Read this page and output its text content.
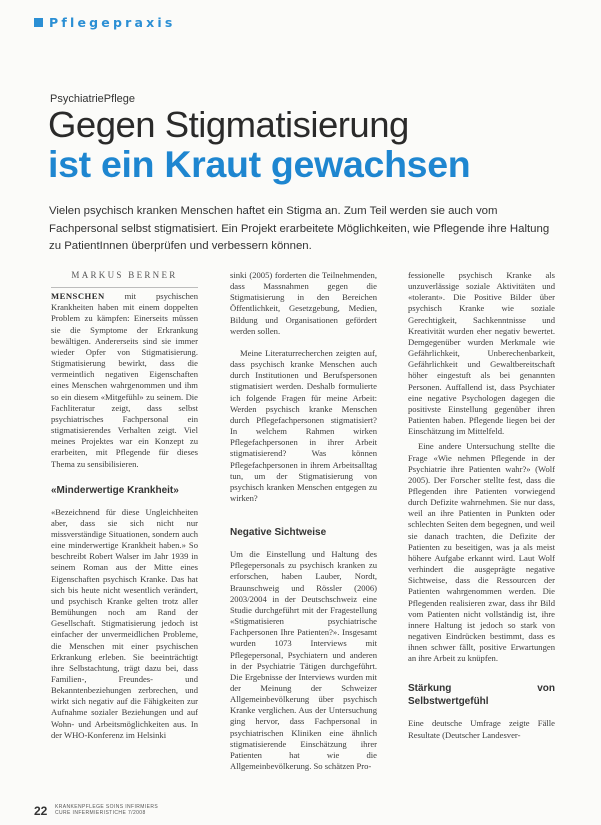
Pflegepraxis
PsychiatriePflege
Gegen Stigmatisierung
ist ein Kraut gewachsen
Vielen psychisch kranken Menschen haftet ein Stigma an. Zum Teil werden sie auch vom Fachpersonal selbst stigmatisiert. Ein Projekt erarbeitete Möglichkeiten, wie Pflegende ihre Haltung zu PatientInnen überprüfen und verbessern können.
MARKUS BERNER

MENSCHEN mit psychischen Krankheiten haben mit einem doppelten Problem zu kämpfen: Einerseits müssen sie die Symptome der Erkrankung bewältigen. Andererseits sind sie immer wieder Opfer von Stigmatisierung. Stigmatisierung bewirkt, dass die vermeintlich negativen Eigenschaften eines Menschen wahrgenommen und ihm so ein diesem «Mitgefühl» zu seinem. Die Fachliteratur zeigt, dass selbst psychiatrisches Fachpersonal ein stigmatisierendes Verhalten zeigt. Viel meines Projektes war ein Konzept zu erarbeiten, mit Pflegende für dieses Thema zu sensibilisieren.

«Minderwertige Krankheit»

«Bezeichnend für diese Ungleichheiten aber, dass sie sich nicht nur missverständige Situationen, sondern auch eine minderwertige Krankheit haben.» So beschreibt Robert Walser im Jahr 1939 in seinem Roman aus der Mitte eines Eigenschaften psychisch Kranke. Das hat sich bis heute nicht wesentlich verändert, und psychisch Kranke gelten trotz aller Bemühungen noch am Rand der Gesellschaft. Stigmatisierung jedoch ist einfacher der unvermeidlichen Probleme, die Menschen mit einer psychischen Erkrankung erleben. Sie beeinträchtigt ihre Selbstachtung, trägt dazu bei, dass Familien-, Freundes- und Bekanntenbeziehungen zerbrechen, und wirkt sich negativ auf die Fähigkeiten zur Aufnahme sozialer Beziehungen und auf Wohn- und Arbeitsmöglichkeiten aus. In der WHO-Konferenz im Helsinki

sinki (2005) forderten die Teilnehmenden, dass Massnahmen gegen die Stigmatisierung in den Bereichen Öffentlichkeit, Gesetzgebung, Medien, Bildung und Organisationen gefördert werden sollen.

Meine Literaturrecherchen zeigten auf, dass psychisch kranke Menschen auch durch Institutionen und Berufspersonen stigmatisiert werden. Deshalb formulierte ich folgende Fragen für meine Arbeit: Werden psychisch kranke Menschen durch Pflegefachpersonen stigmatisiert? In welchem Rahmen wirken Pflegefachpersonen in ihrer Arbeit stigmatisierend? Was können Pflegefachpersonen in ihrem Arbeitsalltag tun, um der Stigmatisierung von psychisch kranken Menschen entgegen zu wirken?

Negative Sichtweise

Um die Einstellung und Haltung des Pflegepersonals zu psychisch kranken zu erforschen, haben Lauber, Nordt, Braunschweig und Rössler (2006) 2003/2004 in der Deutschschweiz eine Studie durchgeführt mit der Fragestellung «Stigmatisieren psychiatrische Fachpersonen Ihre Patienten?». Insgesamt wurden 1073 Interviews mit Pflegepersonal, Psychiatern und anderen in der Psychiatrie Tätigen durchgeführt. Die Ergebnisse der Interviews wurden mit der Meinung der Schweizer Allgemeinbevölkerung über psychisch Kranke verglichen. Aus der Untersuchung ging hervor, dass Fachpersonal in psychiatrischen Kliniken eine ähnlich stigmatisierende Einschätzung ihrer Patienten hat wie die Allgemeinbevölkerung. So schätzen Pro-

fessionelle psychisch Kranke als unzuverlässige soziale Aktivitäten und «tolerant». Die Positive Bilder über psychisch Kranke wie soziale Gerechtigkeit, Sachkenntnisse und Kreativität wurden eher negativ bewertet. Demgegenüber wurden Merkmale wie Gefährlichkeit, Unberechenbarkeit, Gefährlichkeit und Gewaltbereitschaft höher eingestuft als bei genannten Personen. Auffallend ist, dass Psychiater eine negative Psychologen dagegen die positivste Einstellung gegenüber ihren Patienten haben. Pflegende liegen bei der Einschätzung im Mittelfeld.

Eine andere Untersuchung stellte die Frage «Wie nehmen Pflegende in der Psychiatrie ihre Patienten wahr?» (Wolf 2005). Der Forscher stellte fest, dass die Pflegenden ihre Patienten vorwiegend durch Defizite wahrnehmen. Sie nur dass, weil an ihre Patienten in Punkten oder schlechten Seiten dem begegnen, und weil sie danach trachten, die Defizite der Patienten zu beseitigen, was ja als meist höhere Aufgabe erkannt wird. Laut Wolf verhindert die ausgeprägte negative Sichtweise, dass die Ressourcen der Patienten wahrgenommen werden. Die Pflegenden realisieren zwar, dass ihr Bild vom Patienten nicht vollständig ist, ihre innere Haltung ist jedoch so stark von negativen Eindrücken bestimmt, dass es ihnen schwer fällt, positive Erwartungen an ihre Arbeit zu knüpfen.

Stärkung von Selbstwertgefühl

Eine deutsche Umfrage zeigte Fälle Resultate (Deutscher Landesver-

22 KRANKENPFLEGE SOINS INFIRMIERS
CURE INFERMIERISTICHE 7/2008
